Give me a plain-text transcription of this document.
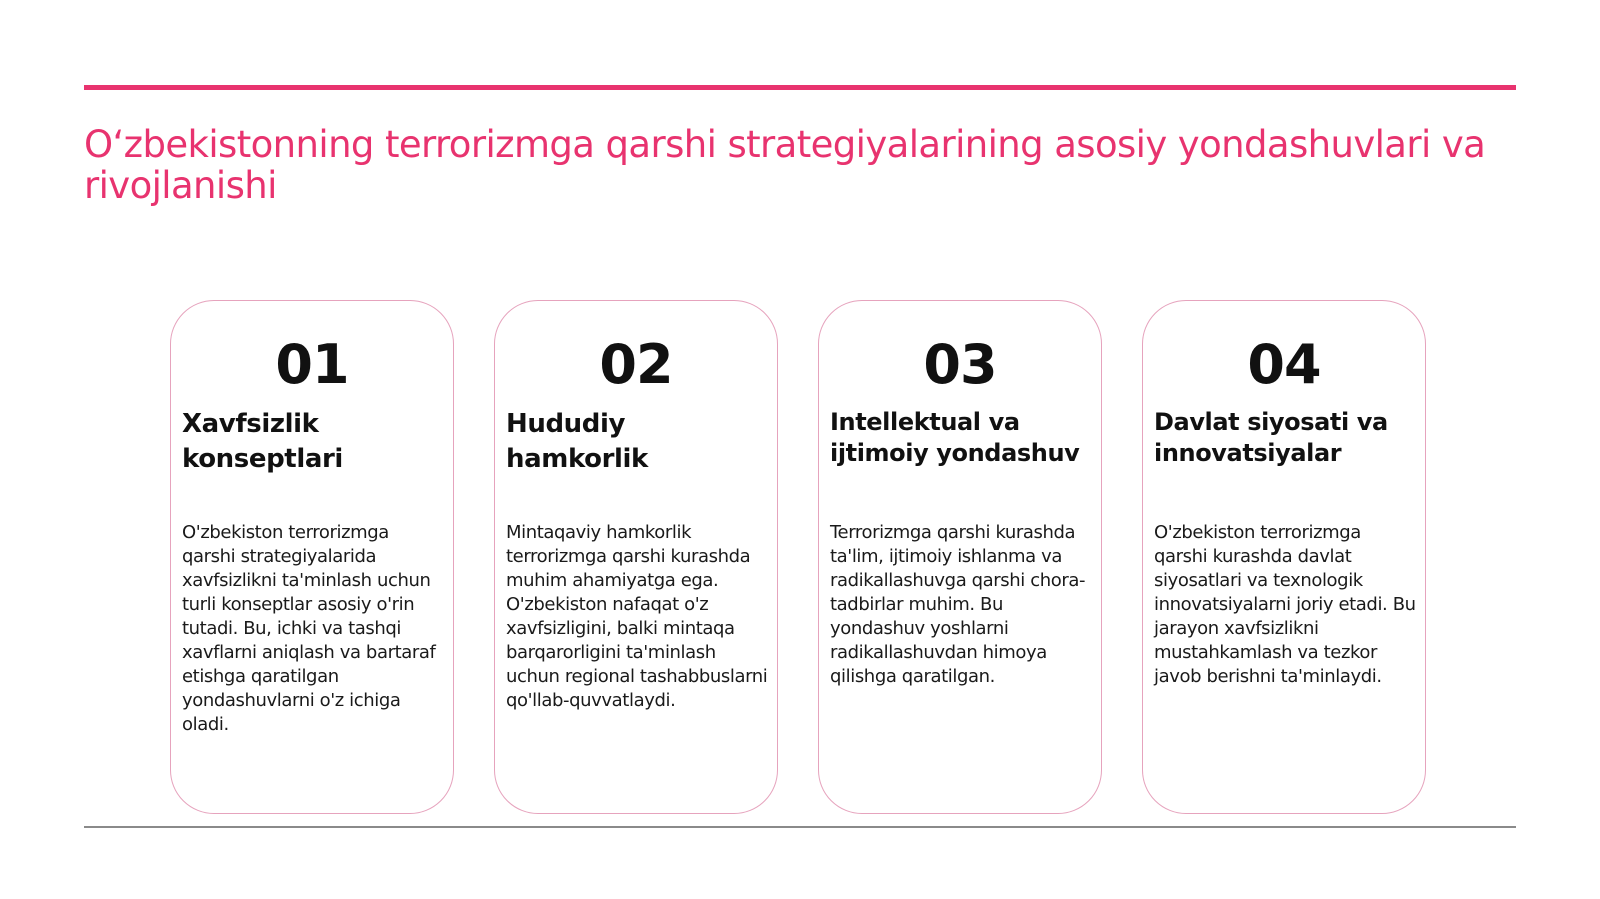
O‘zbekistonning terrorizmga qarshi strategiyalarining asosiy yondashuvlari va rivojlanishi
01
Xavfsizlik konseptlari

O'zbekiston terrorizmga qarshi strategiyalarida xavfsizlikni ta'minlash uchun turli konseptlar asosiy o'rin tutadi. Bu, ichki va tashqi xavflarni aniqlash va bartaraf etishga qaratilgan yondashuvlarni o'z ichiga oladi.

02
Hududiy hamkorlik

Mintaqaviy hamkorlik terrorizmga qarshi kurashda muhim ahamiyatga ega. O'zbekiston nafaqat o'z xavfsizligini, balki mintaqa barqarorligini ta'minlash uchun regional tashabbuslarni qo'llab-quvvatlaydi.

03
Intellektual va ijtimoiy yondashuv

Terrorizmga qarshi kurashda ta'lim, ijtimoiy ishlanma va radikallashuvga qarshi chora-tadbirlar muhim. Bu yondashuv yoshlarni radikallashuvdan himoya qilishga qaratilgan.

04
Davlat siyosati va innovatsiyalar

O'zbekiston terrorizmga qarshi kurashda davlat siyosatlari va texnologik innovatsiyalarni joriy etadi. Bu jarayon xavfsizlikni mustahkamlash va tezkor javob berishni ta'minlaydi.
